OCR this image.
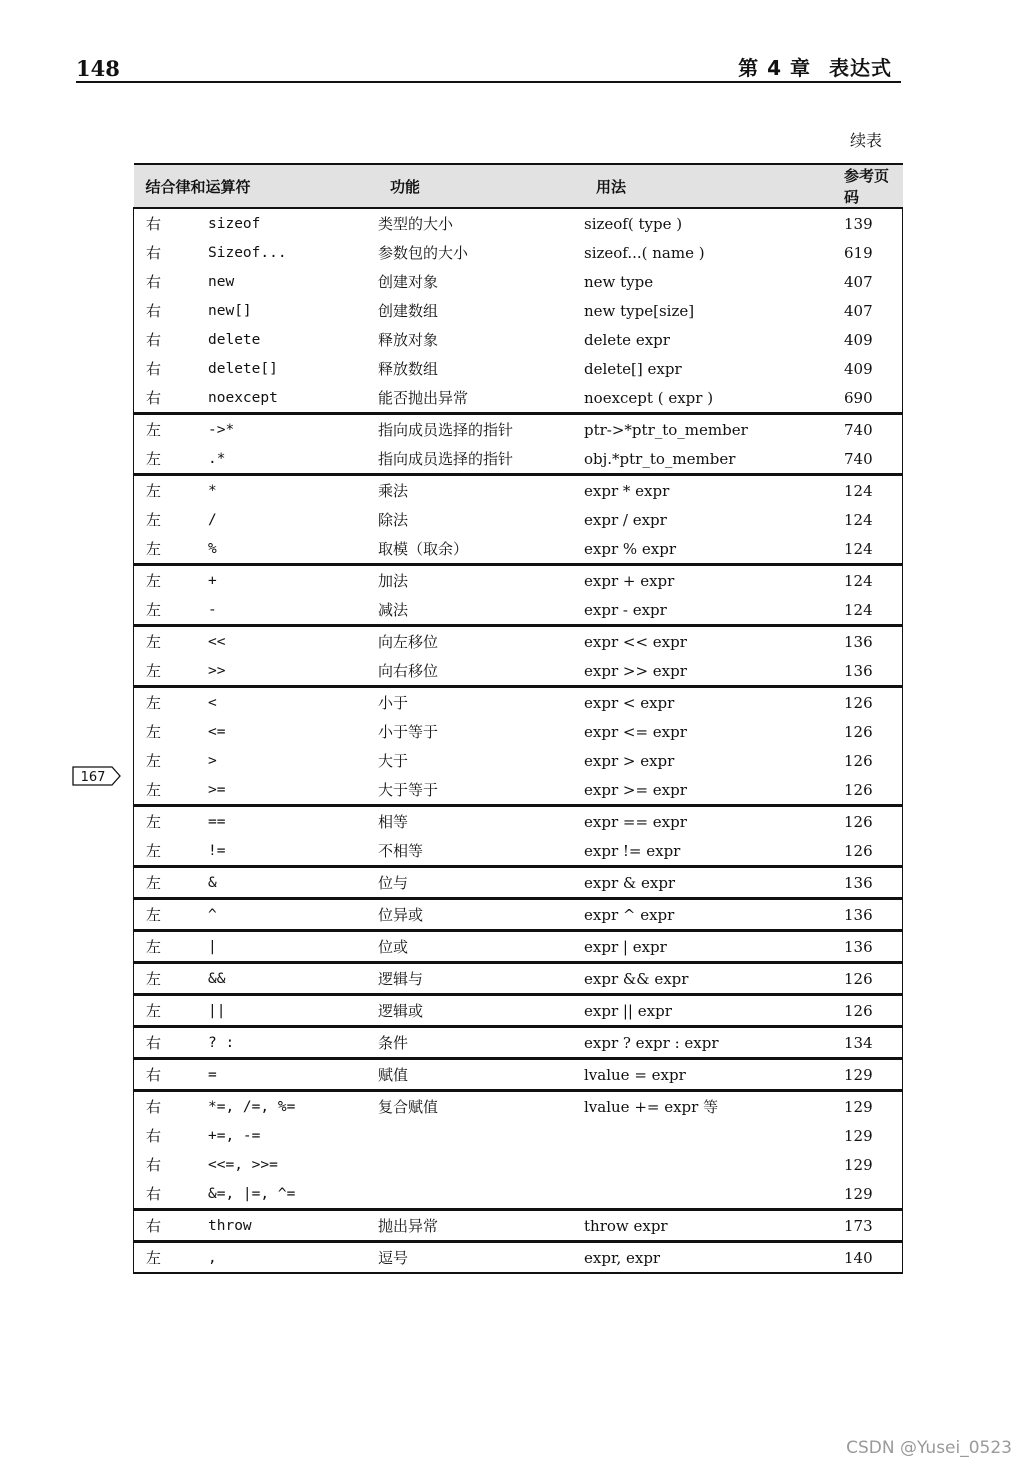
148	第 4 章 表达式
续表
167
结合律和运算符		功能	用法	参考页码
右	sizeof	类型的大小	sizeof( type )	139
右	Sizeof...	参数包的大小	sizeof...( name )	619
右	new	创建对象	new type	407
右	new[]	创建数组	new type[size]	407
右	delete	释放对象	delete expr	409
右	delete[]	释放数组	delete[] expr	409
右	noexcept	能否抛出异常	noexcept ( expr )	690
左	->*	指向成员选择的指针	ptr->*ptr_to_member	740
左	.*	指向成员选择的指针	obj.*ptr_to_member	740
左	*	乘法	expr * expr	124
左	/	除法	expr / expr	124
左	%	取模（取余）	expr % expr	124
左	+	加法	expr + expr	124
左	-	减法	expr - expr	124
左	<<	向左移位	expr << expr	136
左	>>	向右移位	expr >> expr	136
左	<	小于	expr < expr	126
左	<=	小于等于	expr <= expr	126
左	>	大于	expr > expr	126
左	>=	大于等于	expr >= expr	126
左	==	相等	expr == expr	126
左	!=	不相等	expr != expr	126
左	&	位与	expr & expr	136
左	^	位异或	expr ^ expr	136
左	|	位或	expr | expr	136
左	&&	逻辑与	expr && expr	126
左	||	逻辑或	expr || expr	126
右	? :	条件	expr ? expr : expr	134
右	=	赋值	lvalue = expr	129
右	*=, /=, %=	复合赋值	lvalue += expr 等	129
右	+=, -=			129
右	<<=, >>=			129
右	&=, |=, ^=			129
右	throw	抛出异常	throw expr	173
左	,	逗号	expr, expr	140
CSDN @Yusei_0523
